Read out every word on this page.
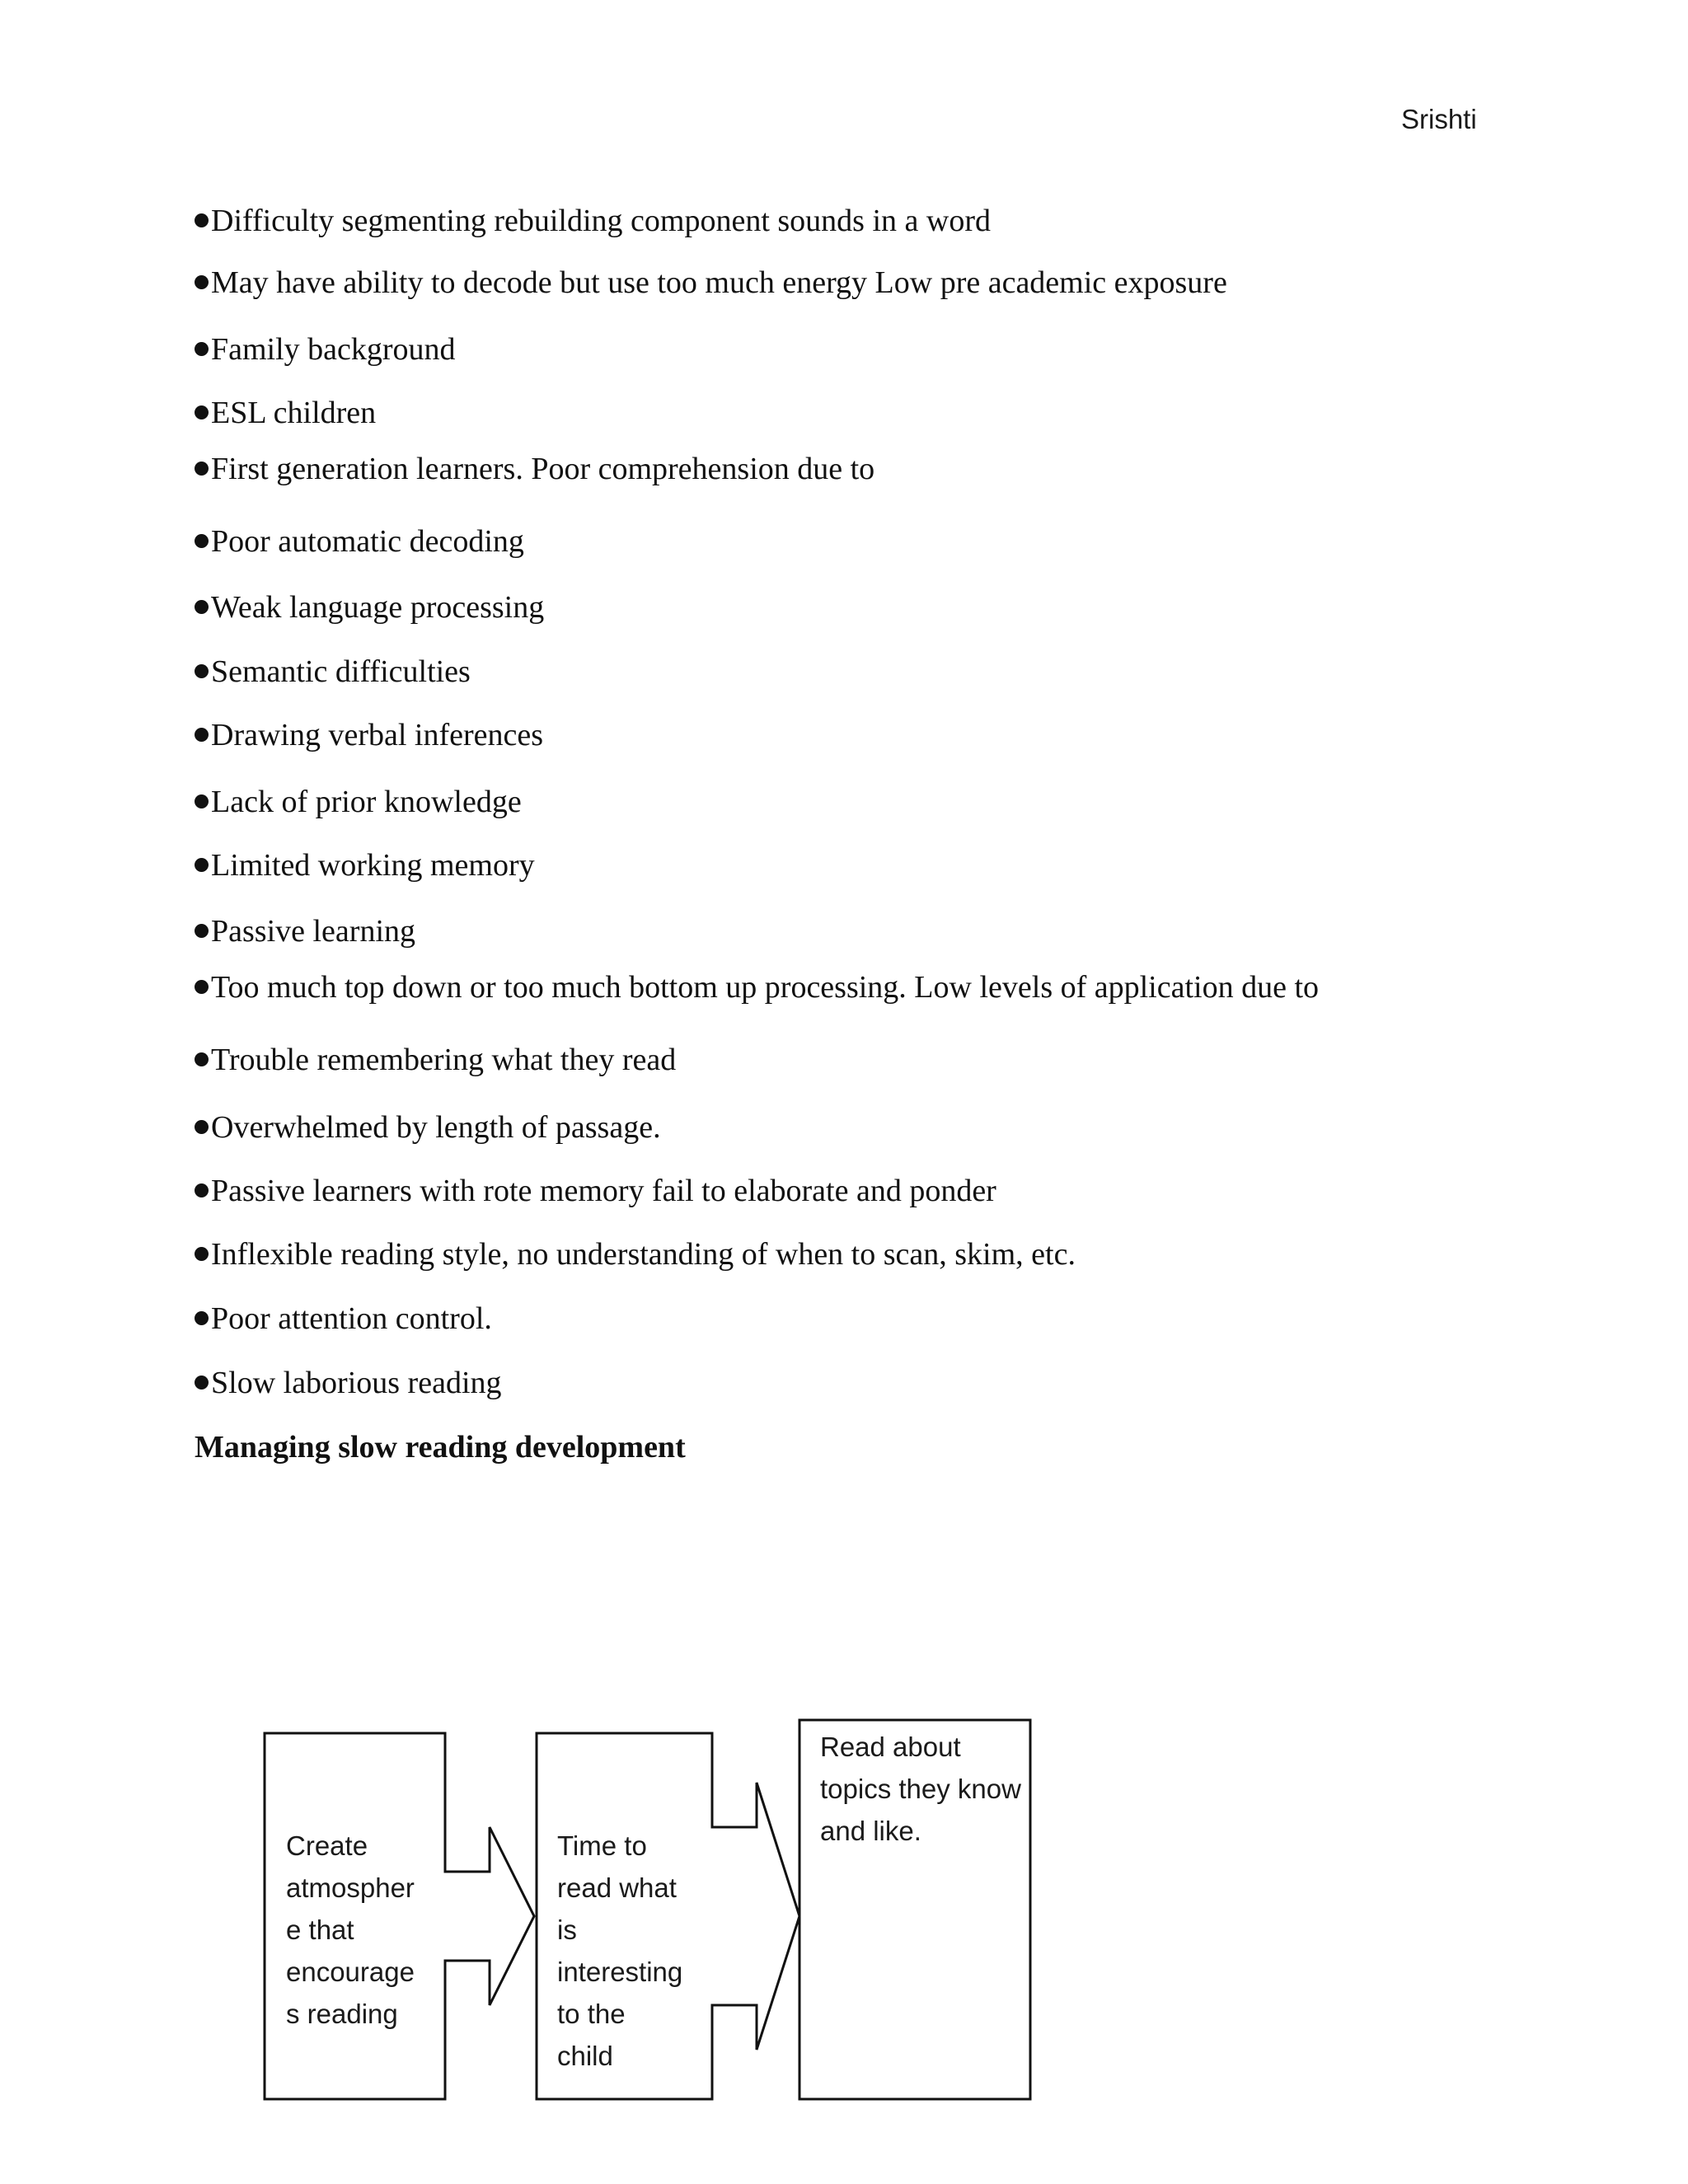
Srishti
Difficulty segmenting rebuilding component sounds in a word
May have ability to decode but use too much energy Low pre academic exposure
Family background
ESL children
First generation learners. Poor comprehension due to
Poor automatic decoding
Weak language processing
Semantic difficulties
Drawing verbal inferences
Lack of prior knowledge
Limited working memory
Passive learning
Too much top down or too much bottom up processing. Low levels of application due to
Trouble remembering what they read
Overwhelmed by length of passage.
Passive learners with rote memory fail to elaborate and ponder
Inflexible reading style, no understanding of when to scan, skim, etc.
Poor attention control.
Slow laborious reading
Managing slow reading development
Create
atmospher
e that
encourage
s reading
Time to
read what
is
interesting
to the
child
Read about
topics they know
and like.
